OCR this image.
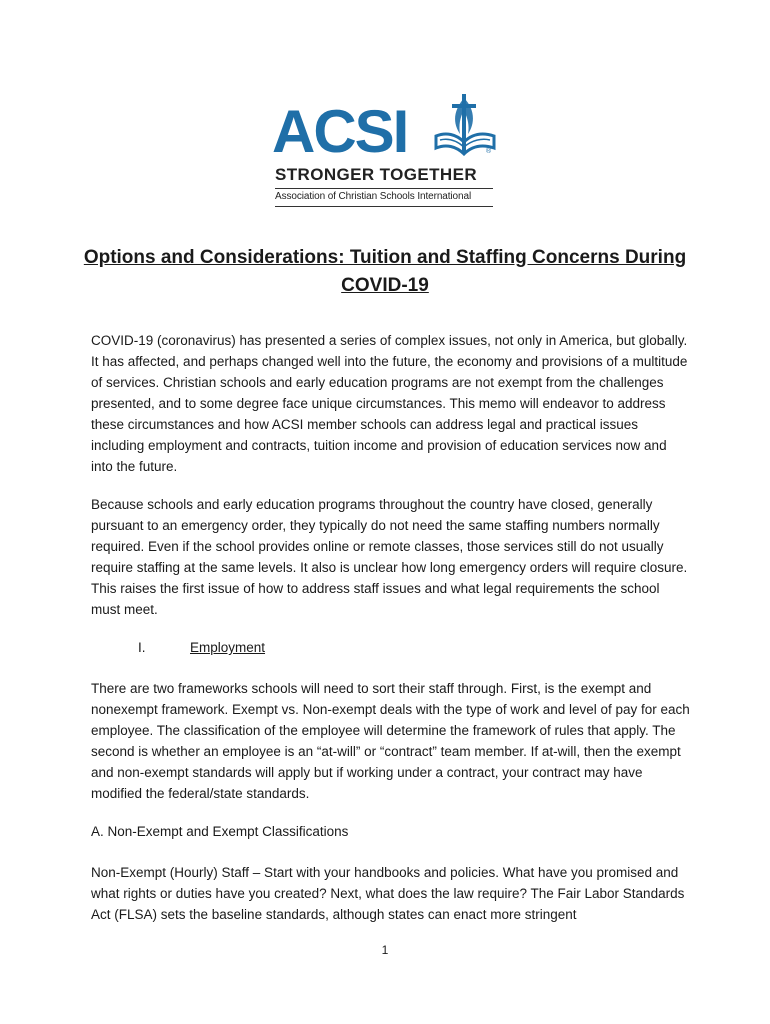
ACSI	®
STRONGER TOGETHER
Association of Christian Schools International
Options and Considerations: Tuition and Staffing Concerns During COVID-19

COVID-19 (coronavirus) has presented a series of complex issues, not only in America, but globally. It has affected, and perhaps changed well into the future, the economy and provisions of a multitude of services. Christian schools and early education programs are not exempt from the challenges presented, and to some degree face unique circumstances. This memo will endeavor to address these circumstances and how ACSI member schools can address legal and practical issues including employment and contracts, tuition income and provision of education services now and into the future.

Because schools and early education programs throughout the country have closed, generally pursuant to an emergency order, they typically do not need the same staffing numbers normally required. Even if the school provides online or remote classes, those services still do not usually require staffing at the same levels. It also is unclear how long emergency orders will require closure. This raises the first issue of how to address staff issues and what legal requirements the school must meet.

I.	Employment

There are two frameworks schools will need to sort their staff through. First, is the exempt and nonexempt framework. Exempt vs. Non-exempt deals with the type of work and level of pay for each employee. The classification of the employee will determine the framework of rules that apply. The second is whether an employee is an “at-will” or “contract” team member. If at-will, then the exempt and non-exempt standards will apply but if working under a contract, your contract may have modified the federal/state standards.

A. Non-Exempt and Exempt Classifications

Non-Exempt (Hourly) Staff – Start with your handbooks and policies. What have you promised and what rights or duties have you created? Next, what does the law require? The Fair Labor Standards Act (FLSA) sets the baseline standards, although states can enact more stringent

1
